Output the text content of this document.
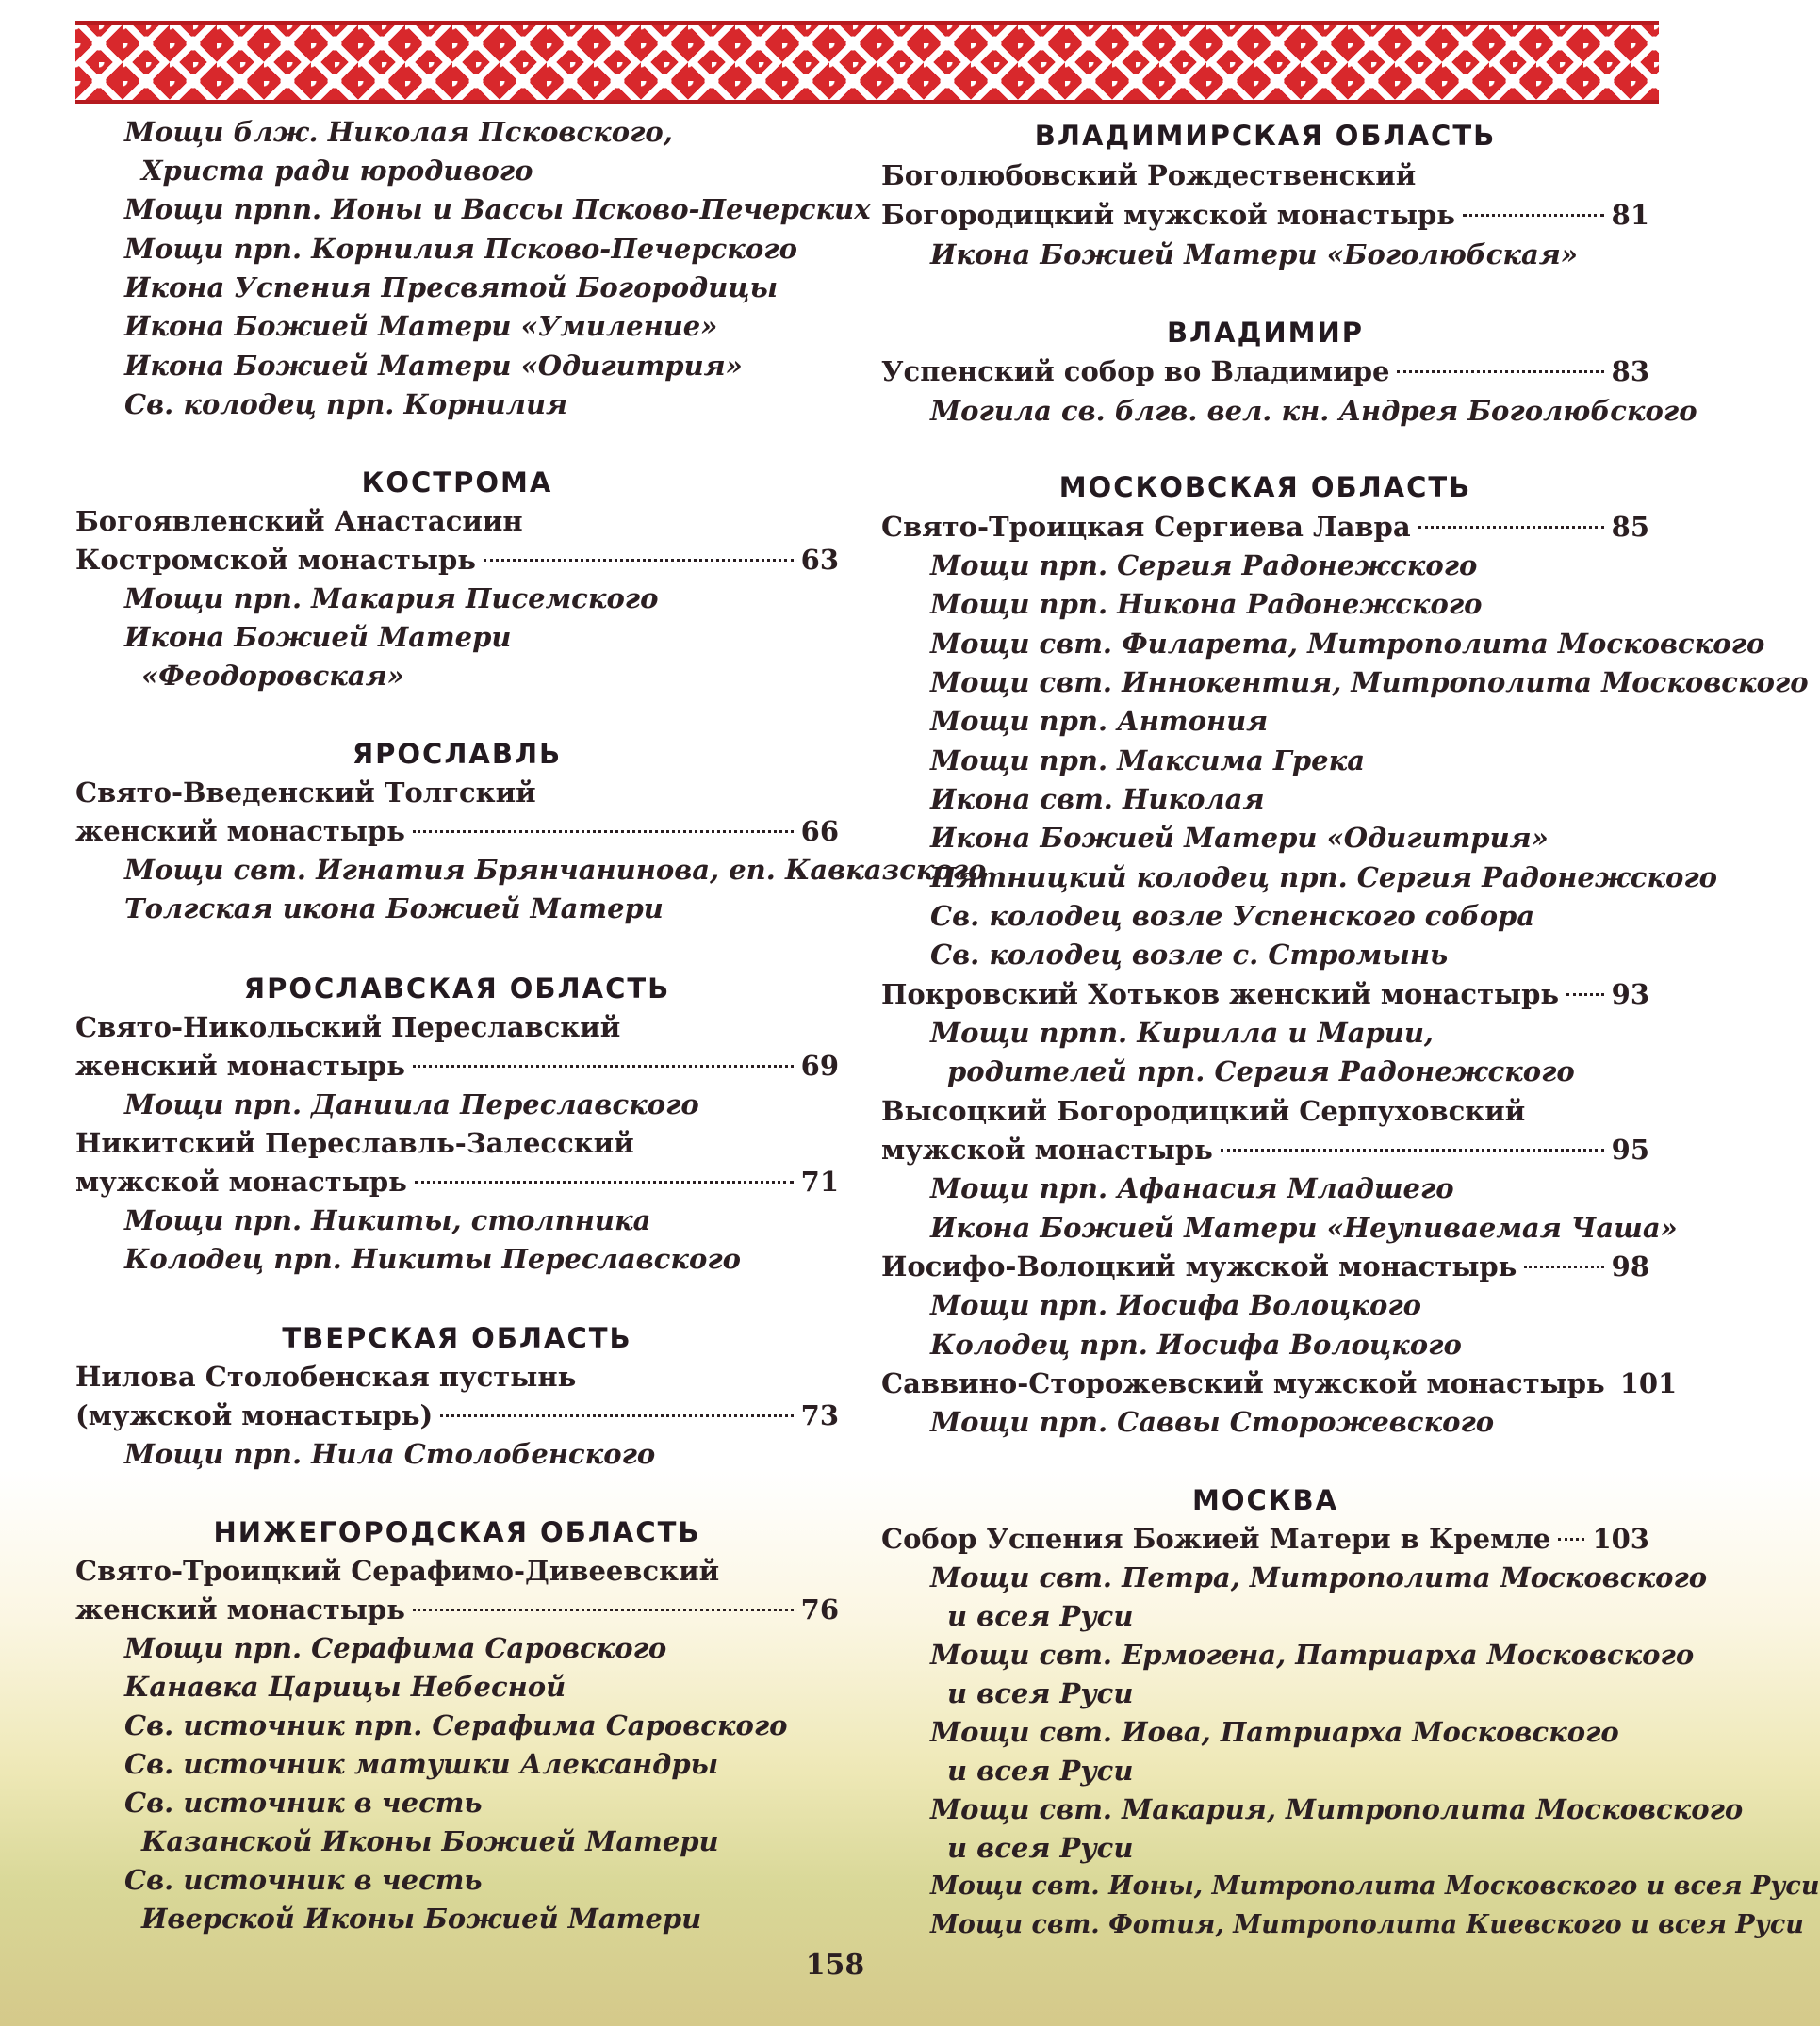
Мощи блж. Николая Псковского,
Христа ради юродивого
Мощи прпп. Ионы и Вассы Псково-Печерских
Мощи прп. Корнилия Псково-Печерского
Икона Успения Пресвятой Богородицы
Икона Божией Матери «Умиление»
Икона Божией Матери «Одигитрия»
Св. колодец прп. Корнилия
КОСТРОМА
Богоявленский Анастасиин
Костромской монастырь	63
Мощи прп. Макария Писемского
Икона Божией Матери
«Феодоровская»
ЯРОСЛАВЛЬ
Свято-Введенский Толгский
женский монастырь	66
Мощи свт. Игнатия Брянчанинова, еп. Кавказского
Толгская икона Божией Матери
ЯРОСЛАВСКАЯ ОБЛАСТЬ
Свято-Никольский Переславский
женский монастырь	69
Мощи прп. Даниила Переславского
Никитский Переславль-Залесский
мужской монастырь	71
Мощи прп. Никиты, столпника
Колодец прп. Никиты Переславского
ТВЕРСКАЯ ОБЛАСТЬ
Нилова Столобенская пустынь
(мужской монастырь)	73
Мощи прп. Нила Столобенского
НИЖЕГОРОДСКАЯ ОБЛАСТЬ
Свято-Троицкий Серафимо-Дивеевский
женский монастырь	76
Мощи прп. Серафима Саровского
Канавка Царицы Небесной
Св. источник прп. Серафима Саровского
Св. источник матушки Александры
Св. источник в честь
Казанской Иконы Божией Матери
Св. источник в честь
Иверской Иконы Божией Матери
ВЛАДИМИРСКАЯ ОБЛАСТЬ
Боголюбовский Рождественский
Богородицкий мужской монастырь	81
Икона Божией Матери «Боголюбская»
ВЛАДИМИР
Успенский собор во Владимире	83
Могила св. блгв. вел. кн. Андрея Боголюбского
МОСКОВСКАЯ ОБЛАСТЬ
Свято-Троицкая Сергиева Лавра	85
Мощи прп. Сергия Радонежского
Мощи прп. Никона Радонежского
Мощи свт. Филарета, Митрополита Московского
Мощи свт. Иннокентия, Митрополита Московского
Мощи прп. Антония
Мощи прп. Максима Грека
Икона свт. Николая
Икона Божией Матери «Одигитрия»
Пятницкий колодец прп. Сергия Радонежского
Св. колодец возле Успенского собора
Св. колодец возле с. Стромынь
Покровский Хотьков женский монастырь 93
Мощи прпп. Кирилла и Марии,
родителей прп. Сергия Радонежского
Высоцкий Богородицкий Серпуховский
мужской монастырь	95
Мощи прп. Афанасия Младшего
Икона Божией Матери «Неупиваемая Чаша»
Иосифо-Волоцкий мужской монастырь	98
Мощи прп. Иосифа Волоцкого
Колодец прп. Иосифа Волоцкого
Саввино-Сторожевский мужской монастырь 101
Мощи прп. Саввы Сторожевского
МОСКВА
Собор Успения Божией Матери в Кремле 103
Мощи свт. Петра, Митрополита Московского
и всея Руси
Мощи свт. Ермогена, Патриарха Московского
и всея Руси
Мощи свт. Иова, Патриарха Московского
и всея Руси
Мощи свт. Макария, Митрополита Московского
и всея Руси
Мощи свт. Ионы, Митрополита Московского и всея Руси
Мощи свт. Фотия, Митрополита Киевского и всея Руси
158
